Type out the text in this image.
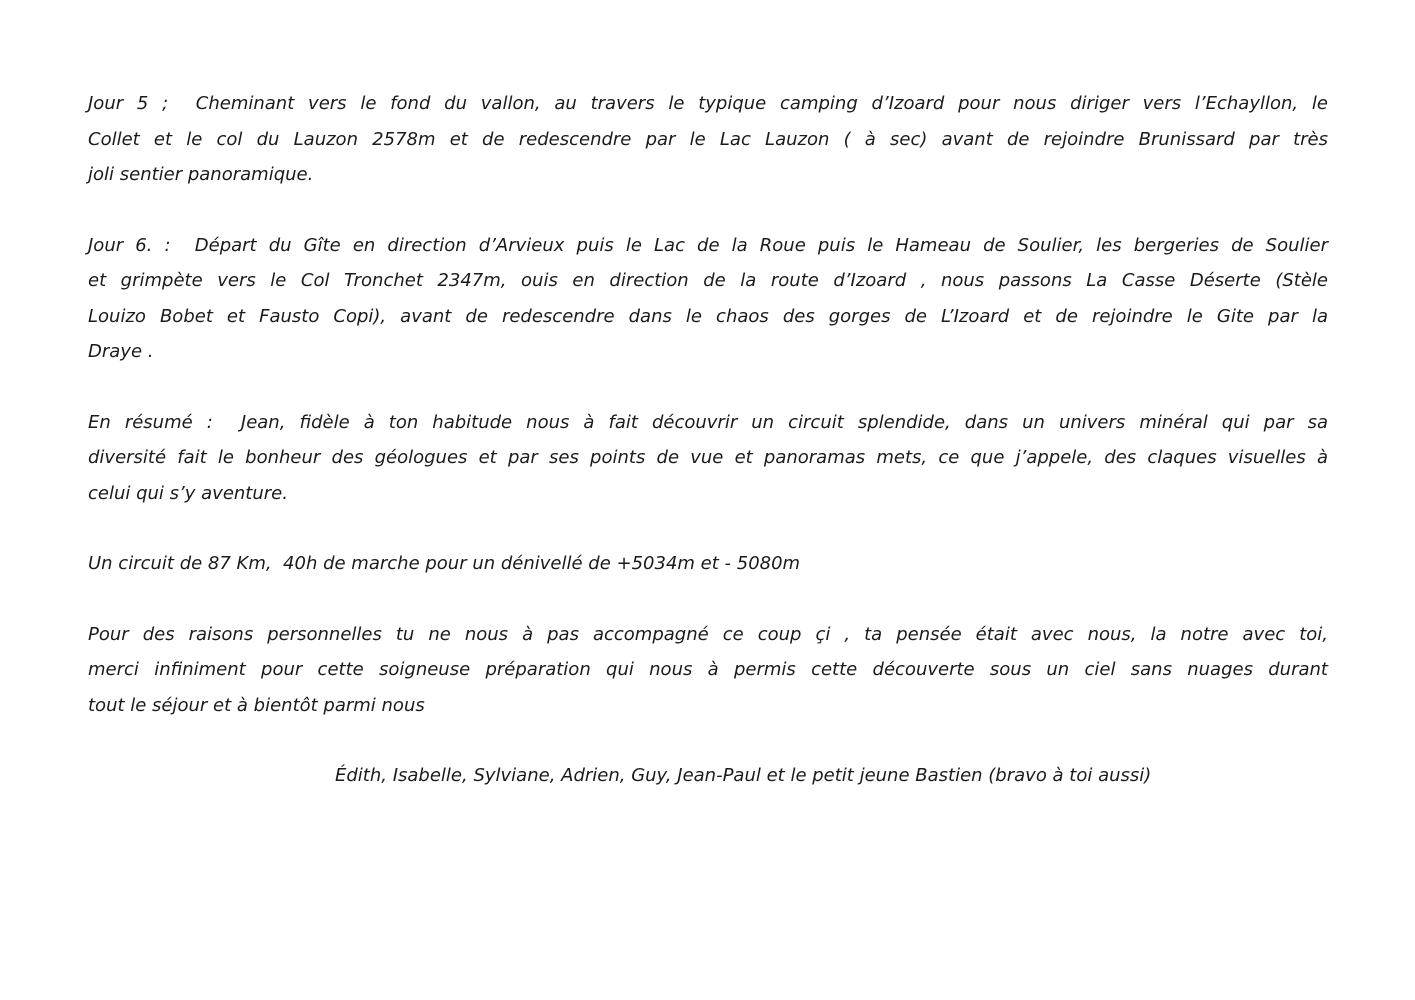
Jour 5 ;  Cheminant vers le fond du vallon, au travers le typique camping d’Izoard pour nous diriger vers l’Echayllon, le
Collet et le col du Lauzon 2578m et de redescendre par le Lac Lauzon ( à sec) avant de rejoindre Brunissard par très
joli sentier panoramique.
Jour 6. :  Départ du Gîte en direction d’Arvieux puis le Lac de la Roue puis le Hameau de Soulier, les bergeries de Soulier
et grimpète vers le Col Tronchet 2347m, ouis en direction de la route d’Izoard , nous passons La Casse Déserte (Stèle
Louizo Bobet et Fausto Copi), avant de redescendre dans le chaos des gorges de L’Izoard et de rejoindre le Gite par la
Draye .
En résumé :  Jean, fidèle à ton habitude nous à fait découvrir un circuit splendide, dans un univers minéral qui par sa
diversité fait le bonheur des géologues et par ses points de vue et panoramas mets, ce que j’appele, des claques visuelles à
celui qui s’y aventure.
Un circuit de 87 Km,  40h de marche pour un dénivellé de +5034m et - 5080m
Pour des raisons personnelles tu ne nous à pas accompagné ce coup çi , ta pensée était avec nous, la notre avec toi,
merci infiniment pour cette soigneuse préparation qui nous à permis cette découverte sous un ciel sans nuages durant
tout le séjour et à bientôt parmi nous
Édith, Isabelle, Sylviane, Adrien, Guy, Jean-Paul et le petit jeune Bastien (bravo à toi aussi)
